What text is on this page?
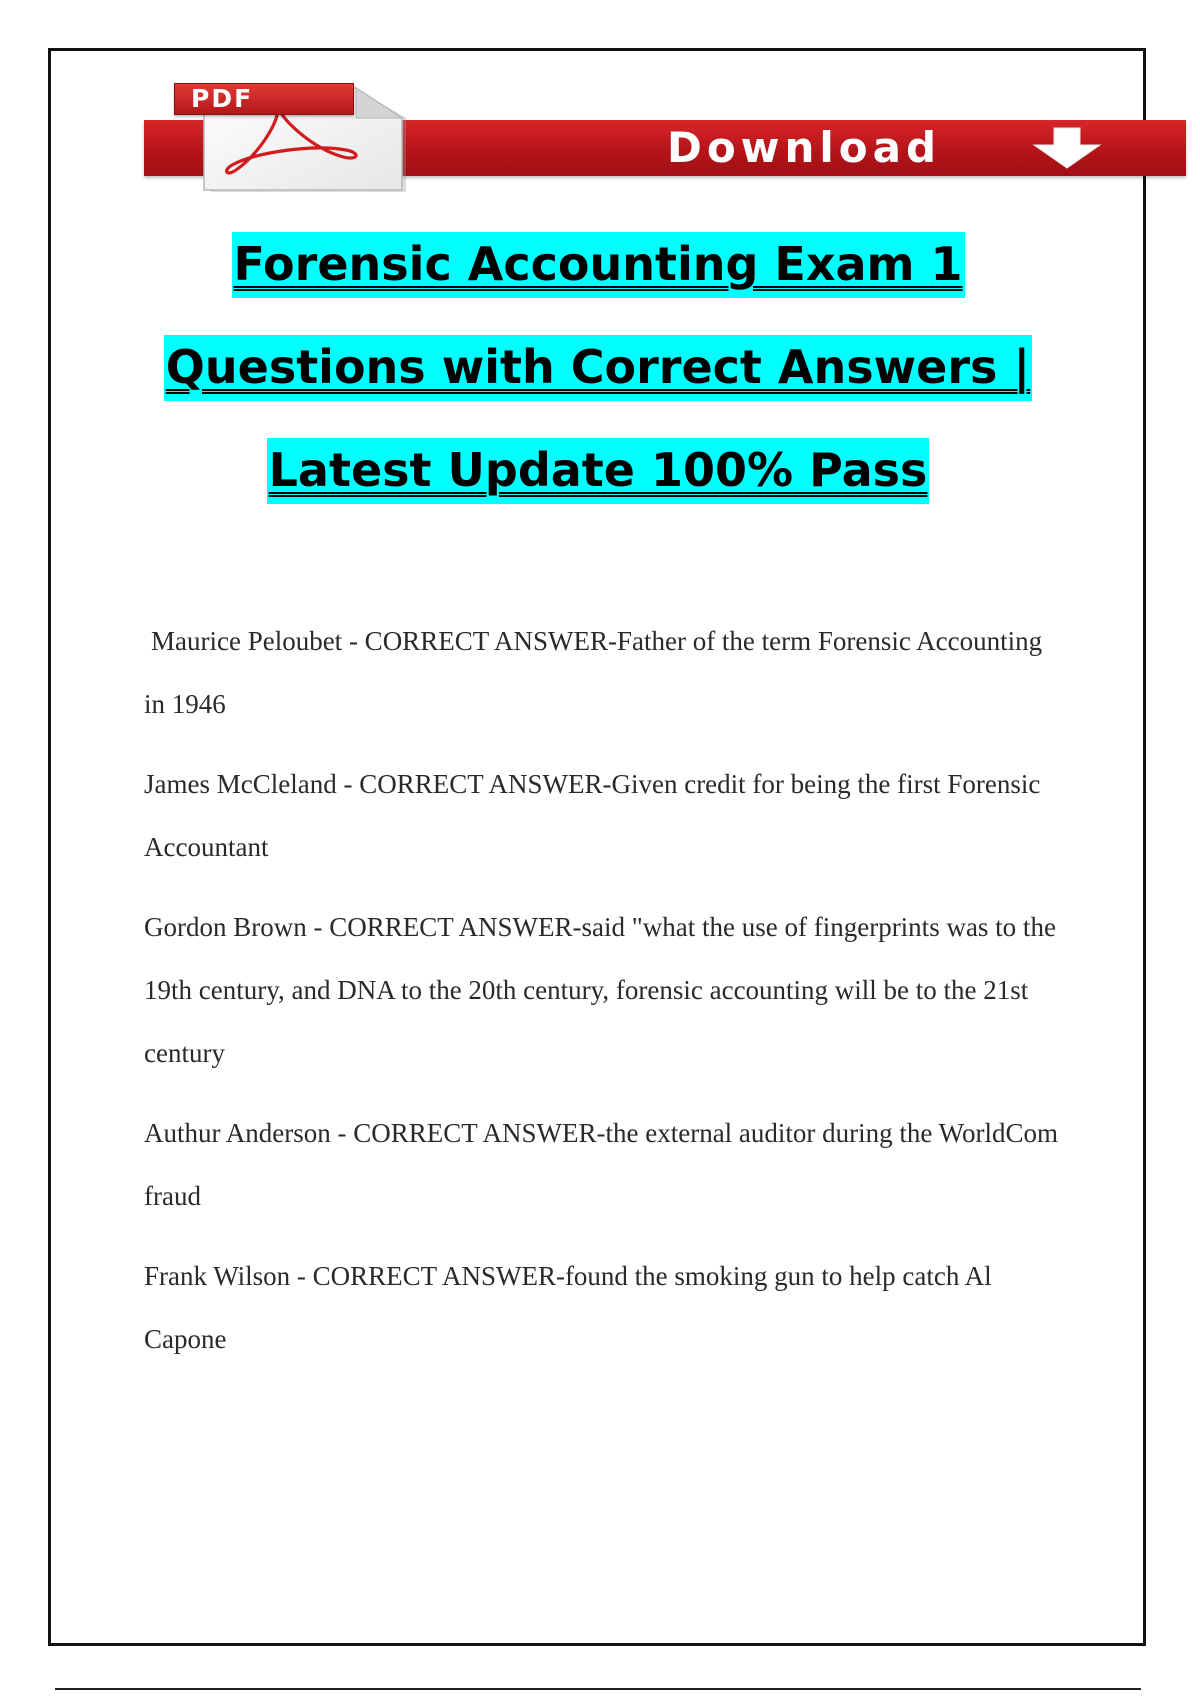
Download
PDF
Forensic Accounting Exam 1
Questions with Correct Answers |
Latest Update 100% Pass

Maurice Peloubet - CORRECT ANSWER-Father of the term Forensic Accounting in 1946

James McCleland - CORRECT ANSWER-Given credit for being the first Forensic Accountant

Gordon Brown - CORRECT ANSWER-said "what the use of fingerprints was to the 19th century, and DNA to the 20th century, forensic accounting will be to the 21st century

Authur Anderson - CORRECT ANSWER-the external auditor during the WorldCom fraud

Frank Wilson - CORRECT ANSWER-found the smoking gun to help catch Al Capone
